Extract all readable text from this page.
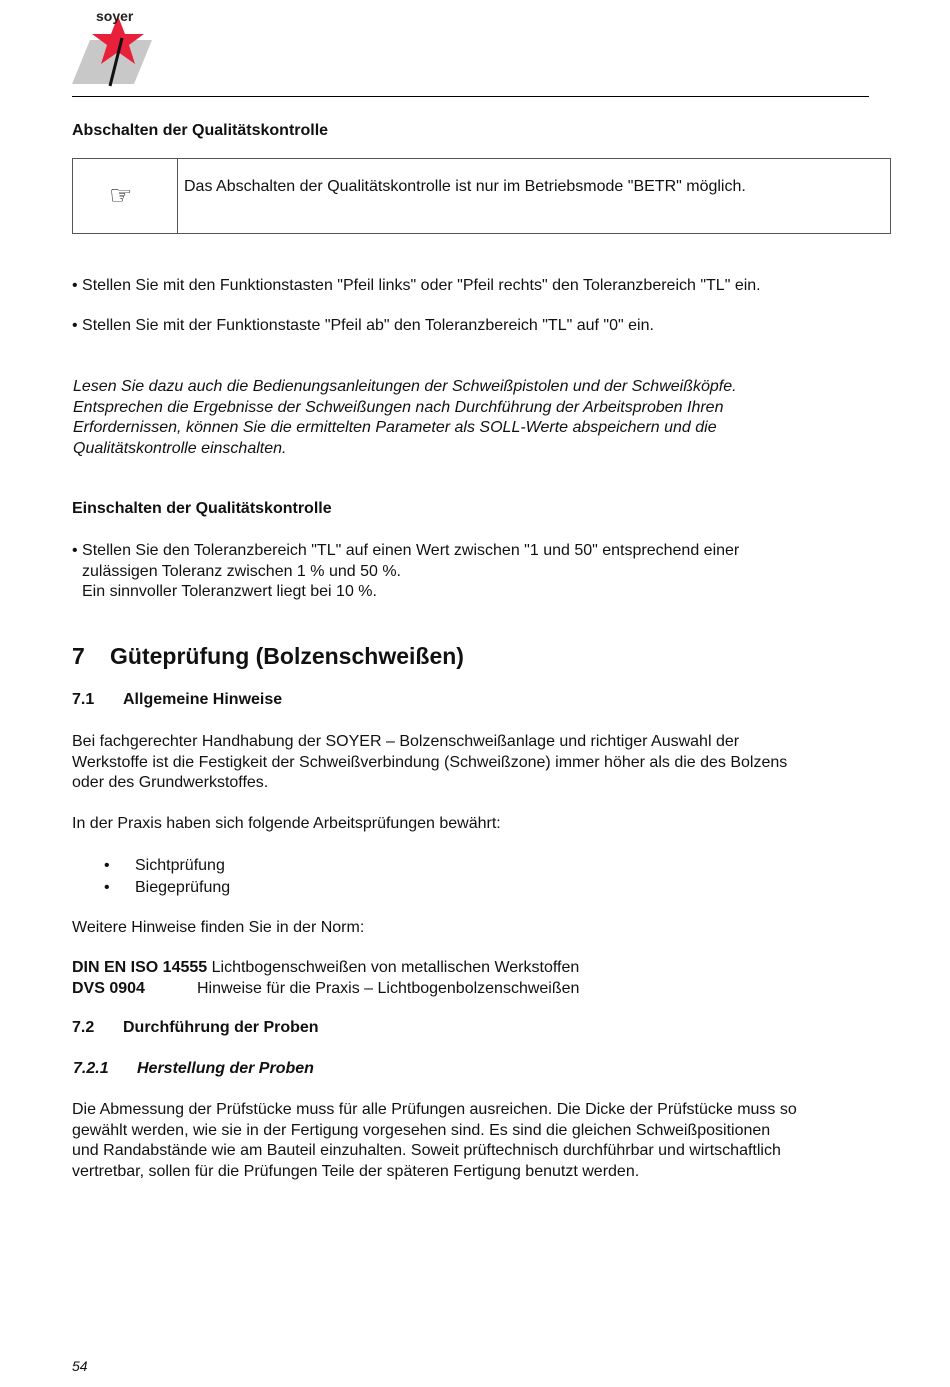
soyer
Abschalten der Qualitätskontrolle
☞	Das Abschalten der Qualitätskontrolle ist nur im Betriebsmode "BETR" möglich.
• Stellen Sie mit den Funktionstasten "Pfeil links" oder "Pfeil rechts" den Toleranzbereich "TL" ein.
• Stellen Sie mit der Funktionstaste "Pfeil ab" den Toleranzbereich "TL" auf "0" ein.
Lesen Sie dazu auch die Bedienungsanleitungen der Schweißpistolen und der Schweißköpfe.
Entsprechen die Ergebnisse der Schweißungen nach Durchführung der Arbeitsproben Ihren
Erfordernissen, können Sie die ermittelten Parameter als SOLL-Werte abspeichern und die
Qualitätskontrolle einschalten.
Einschalten der Qualitätskontrolle
• Stellen Sie den Toleranzbereich "TL" auf einen Wert zwischen "1 und 50" entsprechend einer
zulässigen Toleranz zwischen 1 % und 50 %.
Ein sinnvoller Toleranzwert liegt bei 10 %.
7 Güteprüfung (Bolzenschweißen)
7.1 Allgemeine Hinweise
Bei fachgerechter Handhabung der SOYER – Bolzenschweißanlage und richtiger Auswahl der
Werkstoffe ist die Festigkeit der Schweißverbindung (Schweißzone) immer höher als die des Bolzens
oder des Grundwerkstoffes.
In der Praxis haben sich folgende Arbeitsprüfungen bewährt:
• Sichtprüfung
• Biegeprüfung
Weitere Hinweise finden Sie in der Norm:
DIN EN ISO 14555 Lichtbogenschweißen von metallischen Werkstoffen
DVS 0904	Hinweise für die Praxis – Lichtbogenbolzenschweißen
7.2 Durchführung der Proben
7.2.1 Herstellung der Proben
Die Abmessung der Prüfstücke muss für alle Prüfungen ausreichen. Die Dicke der Prüfstücke muss so
gewählt werden, wie sie in der Fertigung vorgesehen sind. Es sind die gleichen Schweißpositionen
und Randabstände wie am Bauteil einzuhalten. Soweit prüftechnisch durchführbar und wirtschaftlich
vertretbar, sollen für die Prüfungen Teile der späteren Fertigung benutzt werden.
54
